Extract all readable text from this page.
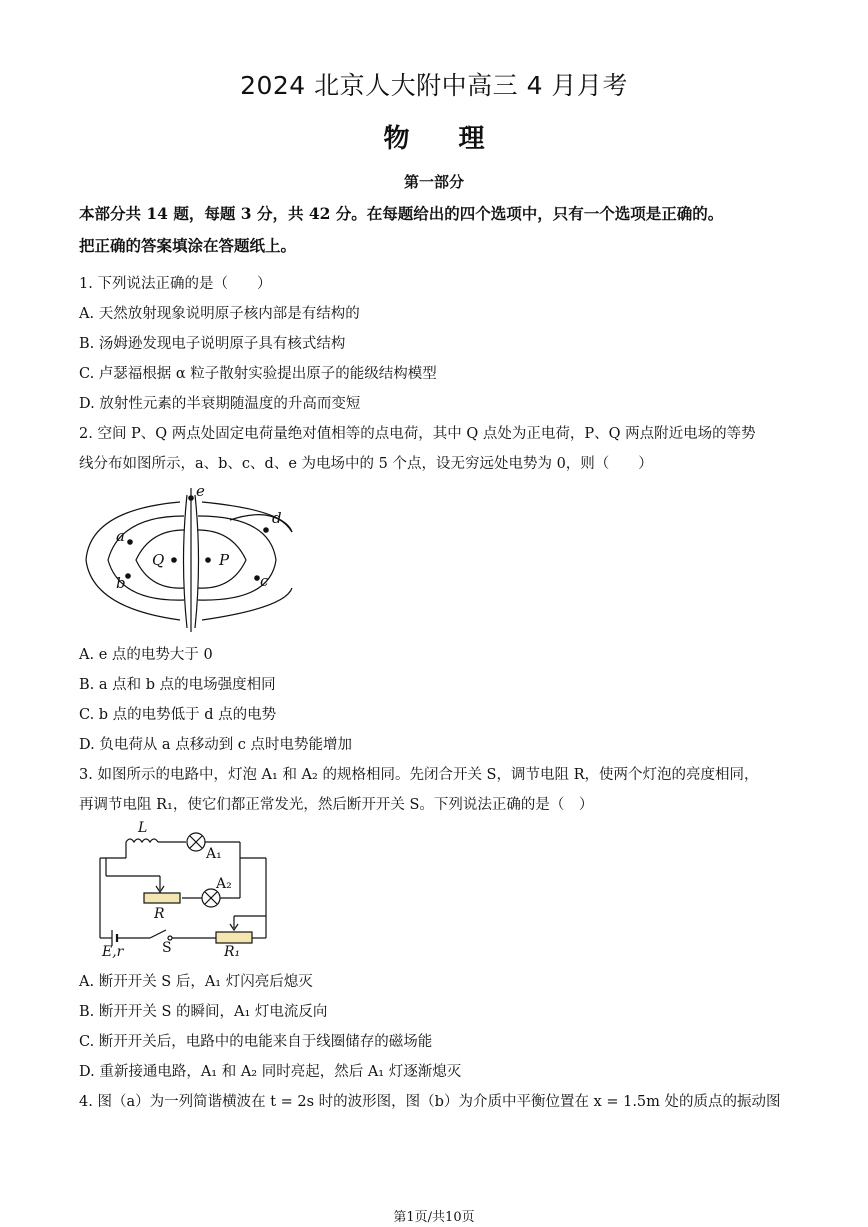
2024 北京人大附中高三 4 月月考
物 理
第一部分
本部分共 14 题，每题 3 分，共 42 分。在每题给出的四个选项中，只有一个选项是正确的。
把正确的答案填涂在答题纸上。
1. 下列说法正确的是（　　）
A. 天然放射现象说明原子核内部是有结构的
B. 汤姆逊发现电子说明原子具有核式结构
C. 卢瑟福根据 α 粒子散射实验提出原子的能级结构模型
D. 放射性元素的半衰期随温度的升高而变短
2. 空间 P、Q 两点处固定电荷量绝对值相等的点电荷，其中 Q 点处为正电荷，P、Q 两点附近电场的等势
线分布如图所示，a、b、c、d、e 为电场中的 5 个点，设无穷远处电势为 0，则（　　）
e
a
b
Q	P
c
d
A. e 点的电势大于 0
B. a 点和 b 点的电场强度相同
C. b 点的电势低于 d 点的电势
D. 负电荷从 a 点移动到 c 点时电势能增加
3. 如图所示的电路中，灯泡 A₁ 和 A₂ 的规格相同。先闭合开关 S，调节电阻 R，使两个灯泡的亮度相同，
再调节电阻 R₁，使它们都正常发光，然后断开开关 S。下列说法正确的是（　）
L
A₁
A₂
R
S	R₁
E,r
A. 断开开关 S 后，A₁ 灯闪亮后熄灭
B. 断开开关 S 的瞬间，A₁ 灯电流反向
C. 断开开关后，电路中的电能来自于线圈储存的磁场能
D. 重新接通电路，A₁ 和 A₂ 同时亮起，然后 A₁ 灯逐渐熄灭
4. 图（a）为一列简谐横波在 t = 2s 时的波形图，图（b）为介质中平衡位置在 x = 1.5m 处的质点的振动图
第1页/共10页
